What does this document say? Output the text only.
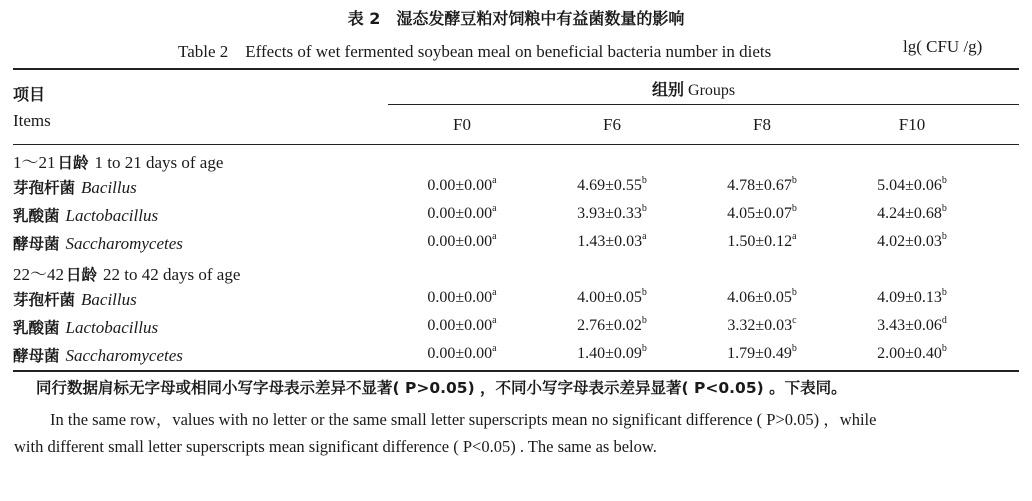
表 2　湿态发酵豆粕对饲粮中有益菌数量的影响
Table 2　Effects of wet fermented soybean meal on beneficial bacteria number in diets	lg( CFU /g)
项目
Items
组别 Groups
F0	F6	F8	F10
1～21 日龄 1 to 21 days of age
芽孢杆菌 Bacillus	0.00±0.00$^a$	4.69±0.55$^b$	4.78±0.67$^b$	5.04±0.06$^b$
乳酸菌 Lactobacillus	0.00±0.00$^a$	3.93±0.33$^b$	4.05±0.07$^b$	4.24±0.68$^b$
酵母菌 Saccharomycetes	0.00±0.00$^a$	1.43±0.03$^a$	1.50±0.12$^a$	4.02±0.03$^b$
22～42 日龄 22 to 42 days of age
芽孢杆菌 Bacillus	0.00±0.00$^a$	4.00±0.05$^b$	4.06±0.05$^b$	4.09±0.13$^b$
乳酸菌 Lactobacillus	0.00±0.00$^a$	2.76±0.02$^b$	3.32±0.03$^c$	3.43±0.06$^d$
酵母菌 Saccharomycetes	0.00±0.00$^a$	1.40±0.09$^b$	1.79±0.49$^b$	2.00±0.40$^b$
同行数据肩标无字母或相同小写字母表示差异不显著( P>0.05) ，不同小写字母表示差异显著( P<0.05) 。下表同。
In the same row，values with no letter or the same small letter superscripts mean no significant difference ( P>0.05) ，while
with different small letter superscripts mean significant difference ( P<0.05) . The same as below.
